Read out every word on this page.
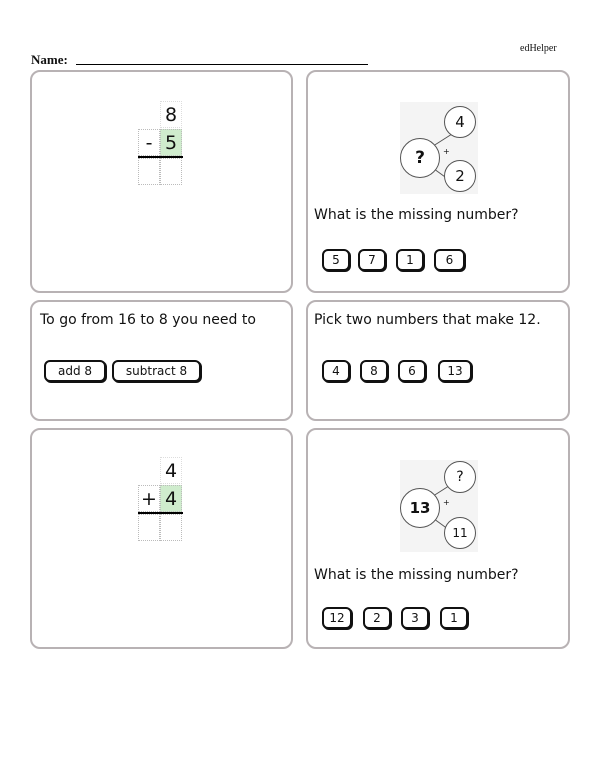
edHelper
Name:
8
- 5
?	+
4
2
What is the missing number?
5	7	1	6
To go from 16 to 8 you need to
add 8	subtract 8
Pick two numbers that make 12.
4	8	6	13
4
+ 4	13	+
?
11
What is the missing number?
12	2	3	1
